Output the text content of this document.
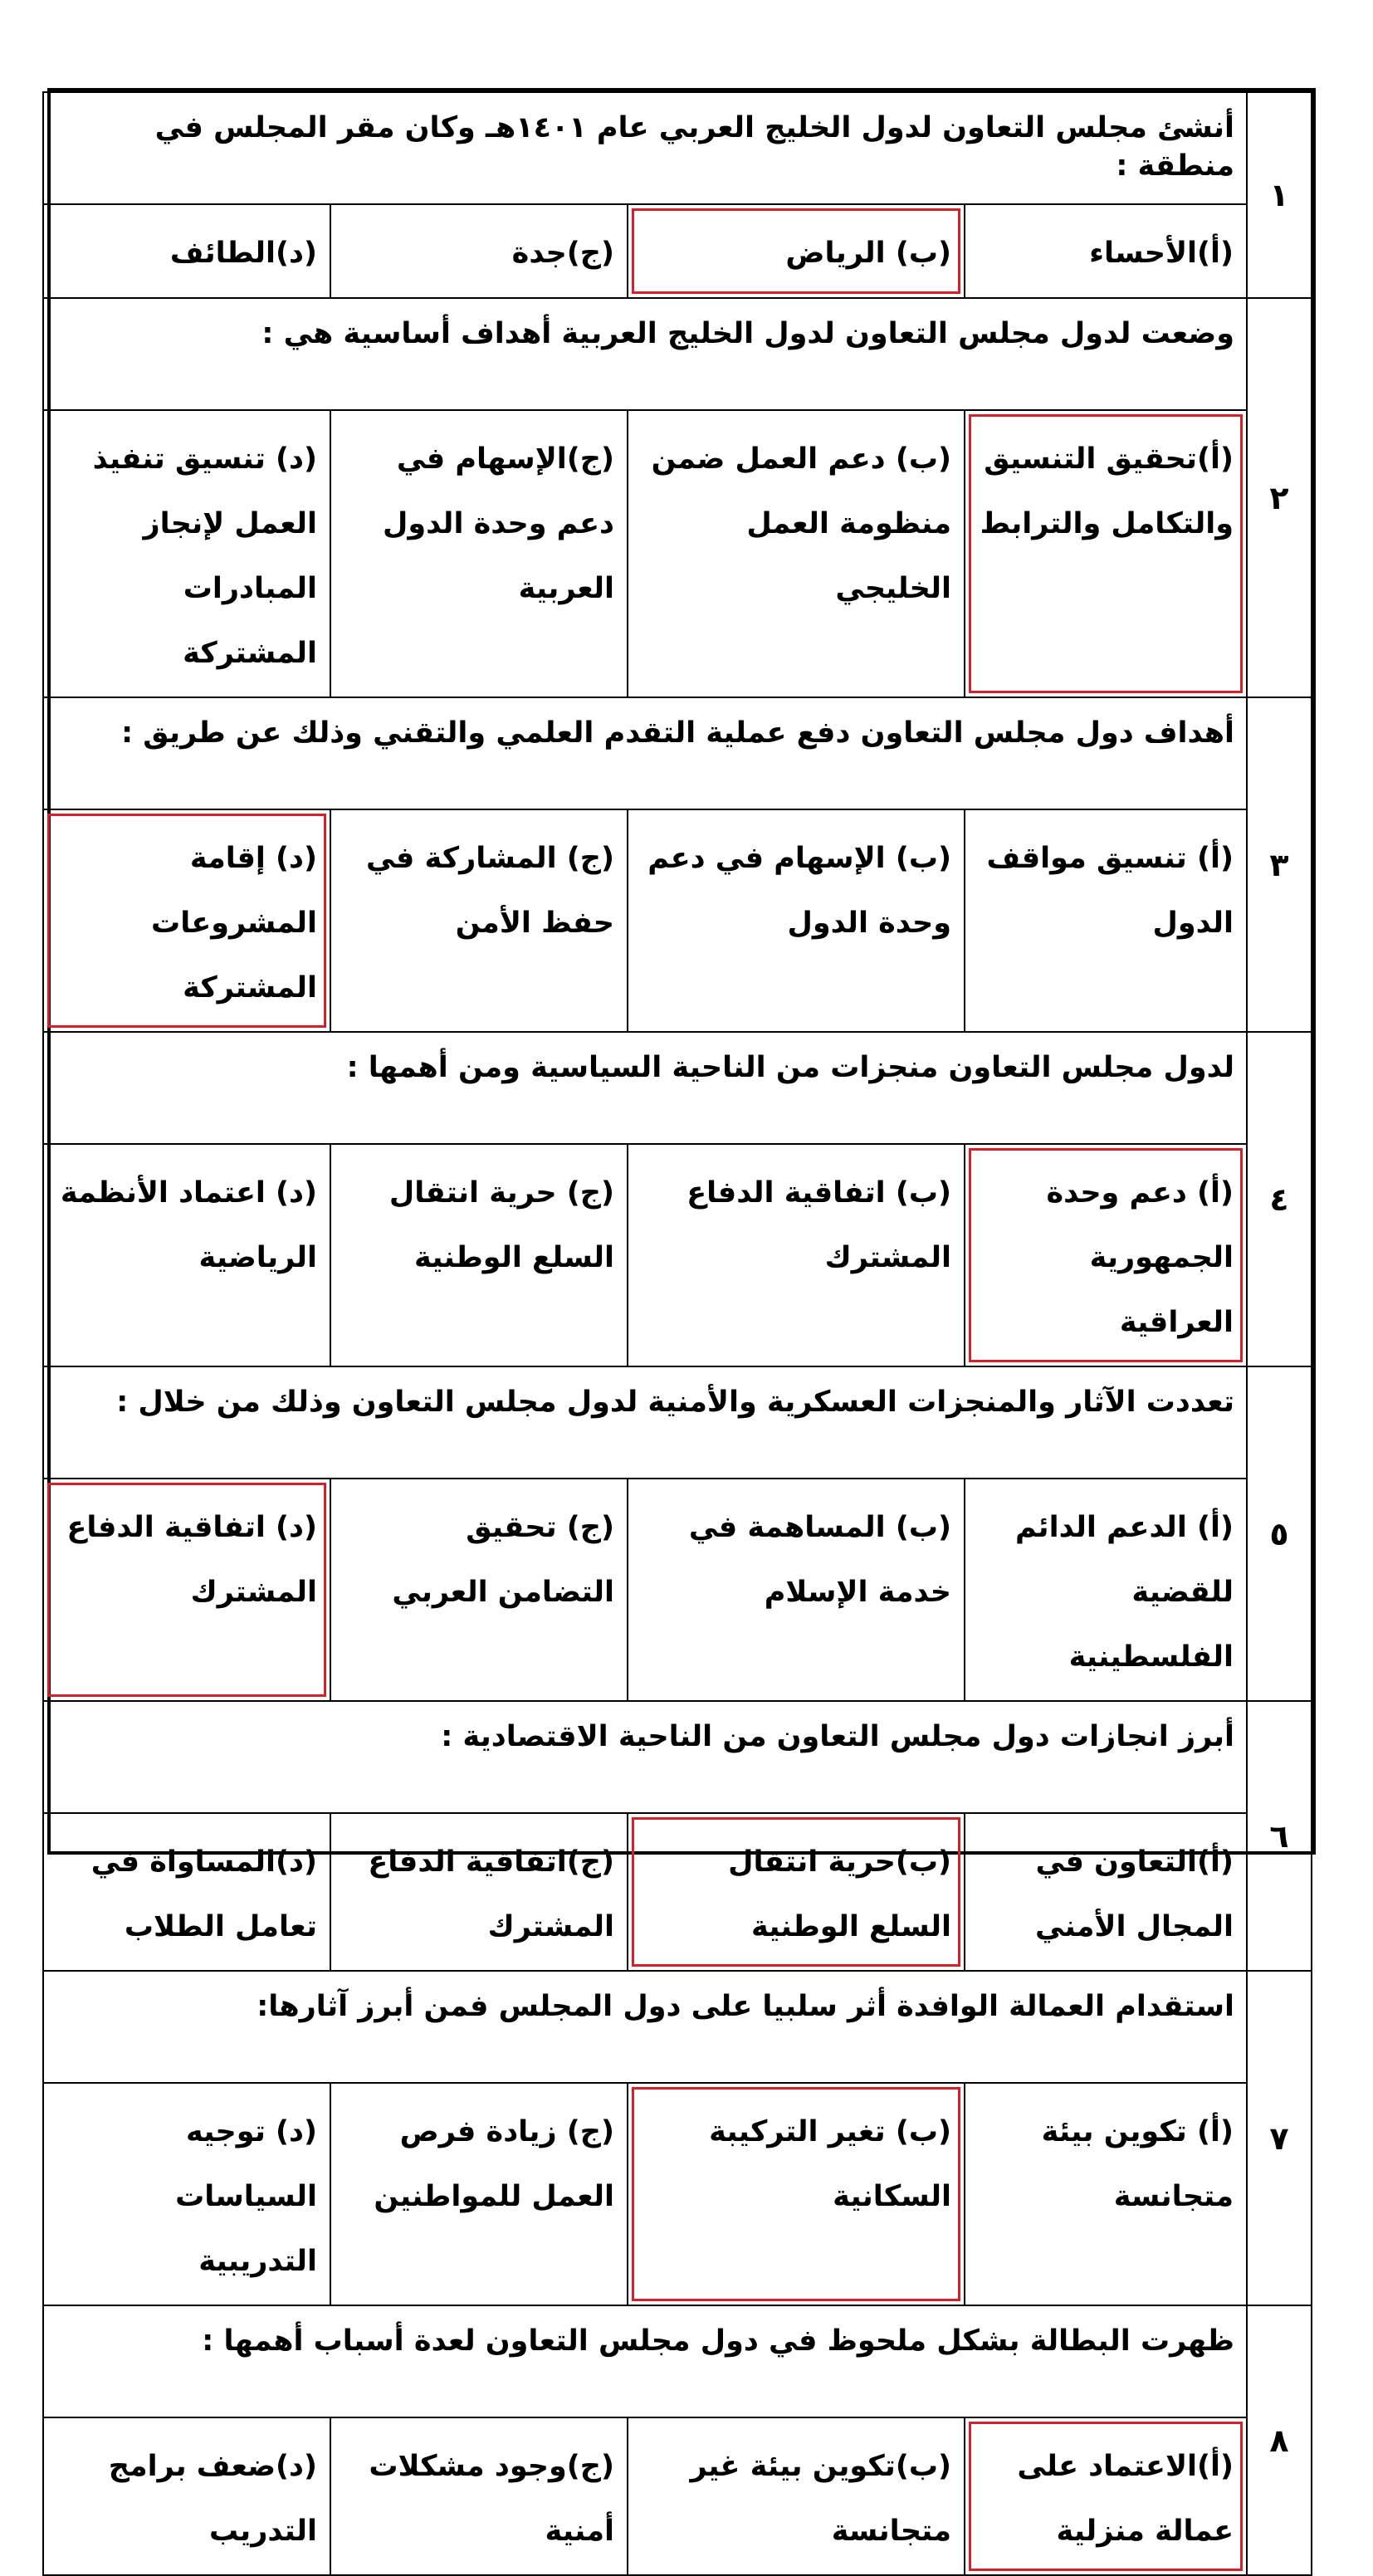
١	أنشئ مجلس التعاون لدول الخليج العربي عام ١٤٠١هـ وكان مقر المجلس في منطقة :			

	(أ)الأحساء	(ب) الرياض	(ج)جدة	(د)الطائف

٢	وضعت لدول مجلس التعاون لدول الخليج العربية أهداف أساسية هي :			

	(أ)تحقيق التنسيق والتكامل والترابط	(ب) دعم العمل ضمن منظومة العمل الخليجي	(ج)الإسهام في دعم وحدة الدول العربية	(د) تنسيق تنفيذ العمل لإنجاز المبادرات المشتركة

٣	أهداف دول مجلس التعاون دفع عملية التقدم العلمي والتقني وذلك عن طريق :			

	(أ) تنسيق مواقف الدول	(ب) الإسهام في دعم وحدة الدول	(ج) المشاركة في حفظ الأمن	(د) إقامة المشروعات المشتركة

٤	لدول مجلس التعاون منجزات من الناحية السياسية ومن أهمها :			

	(أ) دعم وحدة الجمهورية العراقية	(ب) اتفاقية الدفاع المشترك	(ج) حرية انتقال السلع الوطنية	(د) اعتماد الأنظمة الرياضية

٥	تعددت الآثار والمنجزات العسكرية والأمنية لدول مجلس التعاون وذلك من خلال :			

	(أ) الدعم الدائم للقضية الفلسطينية	(ب) المساهمة في خدمة الإسلام	(ج) تحقيق التضامن العربي	(د) اتفاقية الدفاع المشترك

٦	أبرز انجازات دول مجلس التعاون من الناحية الاقتصادية :			

	(أ)التعاون في المجال الأمني	(ب)حرية انتقال السلع الوطنية	(ج)اتفاقية الدفاع المشترك	(د)المساواة في تعامل الطلاب

٧	استقدام العمالة الوافدة أثر سلبيا على دول المجلس فمن أبرز آثارها:			

	(أ) تكوين بيئة متجانسة	(ب) تغير التركيبة السكانية	(ج) زيادة فرص العمل للمواطنين	(د) توجيه السياسات التدريبية

٨	ظهرت البطالة بشكل ملحوظ في دول مجلس التعاون لعدة أسباب أهمها :			

	(أ)الاعتماد على عمالة منزلية	(ب)تكوين بيئة غير متجانسة	(ج)وجود مشكلات أمنية	(د)ضعف برامج التدريب
